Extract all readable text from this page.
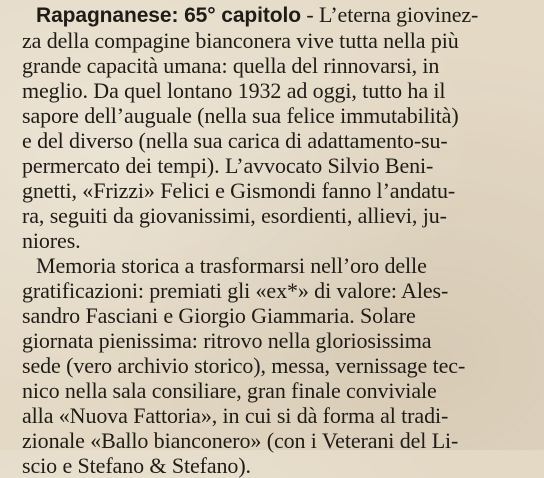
Rapagnanese: 65° capitolo - L’eterna giovinez-

za della compagine bianconera vive tutta nella più

grande capacità umana: quella del rinnovarsi, in

meglio. Da quel lontano 1932 ad oggi, tutto ha il

sapore dell’auguale (nella sua felice immutabilità)

e del diverso (nella sua carica di adattamento-su-

permercato dei tempi). L’avvocato Silvio Beni-

gnetti, «Frizzi» Felici e Gismondi fanno l’andatu-

ra, seguiti da giovanissimi, esordienti, allievi, ju-

niores.

Memoria storica a trasformarsi nell’oro delle

gratificazioni: premiati gli «ex*» di valore: Ales-

sandro Fasciani e Giorgio Giammaria. Solare

giornata pienissima: ritrovo nella gloriosissima

sede (vero archivio storico), messa, vernissage tec-

nico nella sala consiliare, gran finale conviviale

alla «Nuova Fattoria», in cui si dà forma al tradi-

zionale «Ballo bianconero» (con i Veterani del Li-

scio e Stefano & Stefano).
